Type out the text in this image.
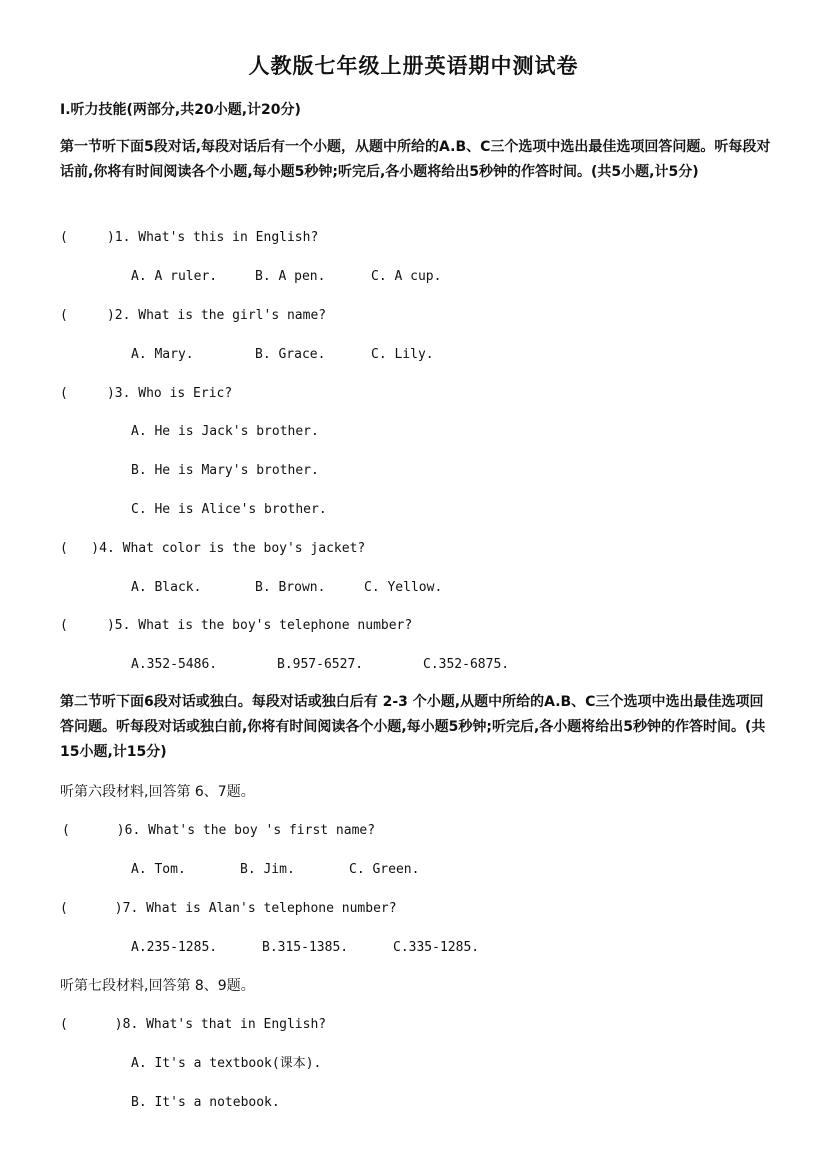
人教版七年级上册英语期中测试卷
Ⅰ.听力技能(两部分,共20小题,计20分)
第一节听下面5段对话,每段对话后有一个小题，从题中所给的A.B、C三个选项中选出最佳选项回答问题。听每段对话前,你将有时间阅读各个小题,每小题5秒钟;听完后,各小题将给出5秒钟的作答时间。(共5小题,计5分)
(     )1. What's this in English?
A. A ruler.	B. A pen.	C. A cup.
(     )2. What is the girl's name?
A. Mary.	B. Grace.	C. Lily.
(     )3. Who is Eric?
A. He is Jack's brother.
B. He is Mary's brother.
C. He is Alice's brother.
(   )4. What color is the boy's jacket?
A. Black.	B. Brown.	C. Yellow.
(     )5. What is the boy's telephone number?
A.352-5486.	B.957-6527.	C.352-6875.
第二节听下面6段对话或独白。每段对话或独白后有 2-3 个小题,从题中所给的A.B、C三个选项中选出最佳选项回答问题。听每段对话或独白前,你将有时间阅读各个小题,每小题5秒钟;听完后,各小题将给出5秒钟的作答时间。(共15小题,计15分)
听第六段材料,回答第 6、7题。
(      )6. What's the boy 's first name?
A. Tom.	B. Jim.	C. Green.
(      )7. What is Alan's telephone number?
A.235-1285.	B.315-1385.	C.335-1285.
听第七段材料,回答第 8、9题。
(      )8. What's that in English?
A. It's a textbook(课本).
B. It's a notebook.
